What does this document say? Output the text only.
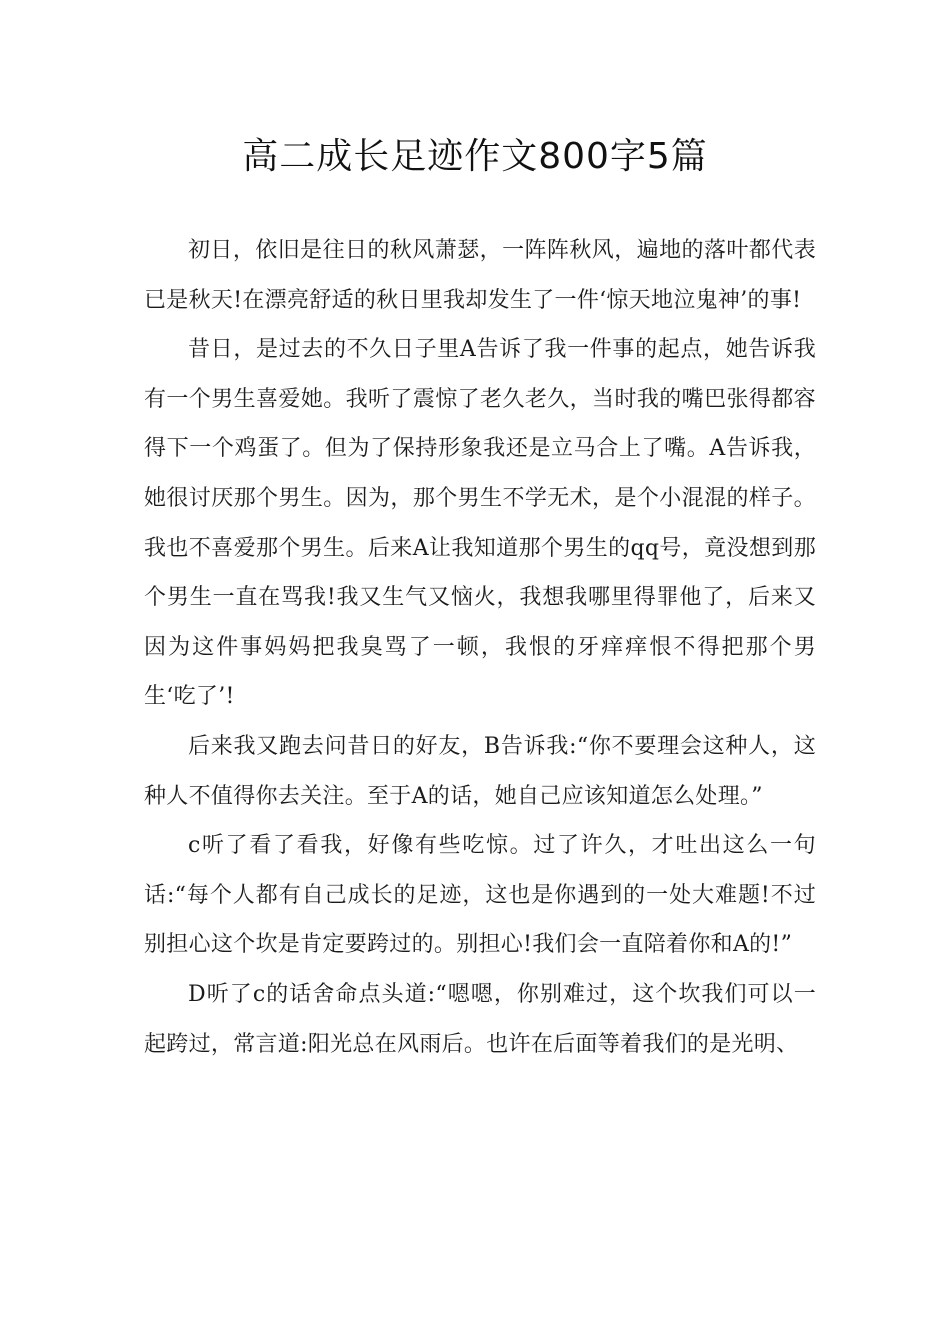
高二成长足迹作文800字5篇

初日，依旧是往日的秋风萧瑟，一阵阵秋风，遍地的落叶都代表已是秋天!在漂亮舒适的秋日里我却发生了一件‘惊天地泣鬼神’的事!

昔日，是过去的不久日子里A告诉了我一件事的起点，她告诉我有一个男生喜爱她。我听了震惊了老久老久，当时我的嘴巴张得都容得下一个鸡蛋了。但为了保持形象我还是立马合上了嘴。A告诉我，她很讨厌那个男生。因为，那个男生不学无术，是个小混混的样子。我也不喜爱那个男生。后来A让我知道那个男生的qq号，竟没想到那个男生一直在骂我!我又生气又恼火，我想我哪里得罪他了，后来又因为这件事妈妈把我臭骂了一顿，我恨的牙痒痒恨不得把那个男生‘吃了’!

后来我又跑去问昔日的好友，B告诉我:“你不要理会这种人，这种人不值得你去关注。至于A的话，她自己应该知道怎么处理。”

c听了看了看我，好像有些吃惊。过了许久，才吐出这么一句话:“每个人都有自己成长的足迹，这也是你遇到的一处大难题!不过别担心这个坎是肯定要跨过的。别担心!我们会一直陪着你和A的!”

D听了c的话舍命点头道:“嗯嗯，你别难过，这个坎我们可以一起跨过，常言道:阳光总在风雨后。也许在后面等着我们的是光明、
